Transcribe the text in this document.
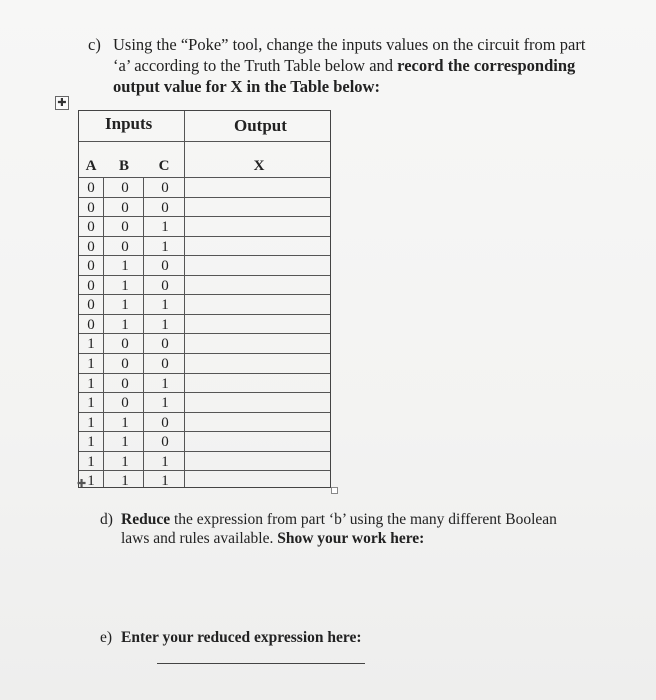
c) Using the “Poke” tool, change the inputs values on the circuit from part ‘a’ according to the Truth Table below and record the corresponding output value for X in the Table below:
✚
Inputs	Output
A	B	C	X
0	0	0
0	0	0
0	0	1
0	0	1
0	1	0
0	1	0
0	1	1
0	1	1
1	0	0
1	0	0
1	0	1
1	0	1
1	1	0
1	1	0
1	1	1
1	1	1
✚
d) Reduce the expression from part ‘b’ using the many different Boolean laws and rules available. Show your work here:
e) Enter your reduced expression here:
